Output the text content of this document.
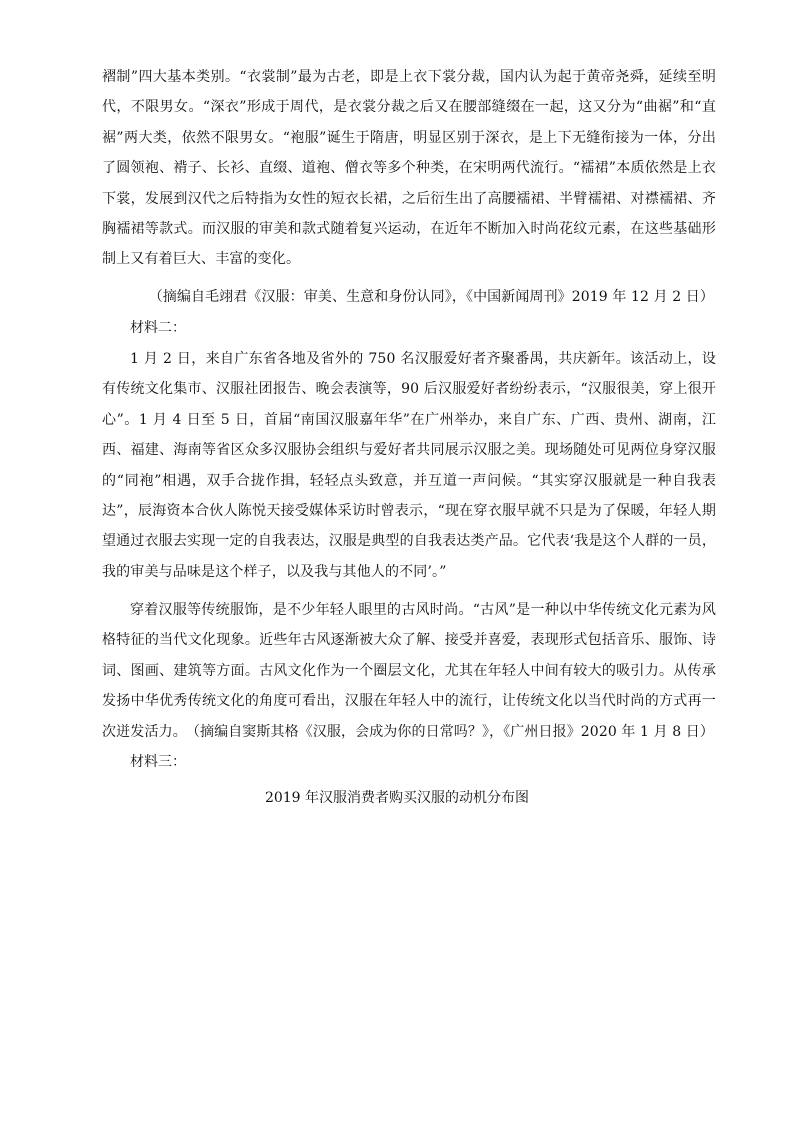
褶制”四大基本类别。“衣裳制”最为古老，即是上衣下裳分裁，国内认为起于黄帝尧舜，延续至明代，不限男女。“深衣”形成于周代，是衣裳分裁之后又在腰部缝缀在一起，这又分为“曲裾”和“直裾”两大类，依然不限男女。“袍服”诞生于隋唐，明显区别于深衣，是上下无缝衔接为一体，分出了圆领袍、褙子、长衫、直缀、道袍、僧衣等多个种类，在宋明两代流行。“襦裙”本质依然是上衣下裳，发展到汉代之后特指为女性的短衣长裙，之后衍生出了高腰襦裙、半臂襦裙、对襟襦裙、齐胸襦裙等款式。而汉服的审美和款式随着复兴运动，在近年不断加入时尚花纹元素，在这些基础形制上又有着巨大、丰富的变化。
（摘编自毛翊君《汉服：审美、生意和身份认同》，《中国新闻周刊》2019 年 12 月 2 日）
材料二：
1 月 2 日，来自广东省各地及省外的 750 名汉服爱好者齐聚番禺，共庆新年。该活动上，设有传统文化集市、汉服社团报告、晚会表演等，90 后汉服爱好者纷纷表示，“汉服很美，穿上很开心”。1 月 4 日至 5 日，首届“南国汉服嘉年华”在广州举办，来自广东、广西、贵州、湖南，江西、福建、海南等省区众多汉服协会组织与爱好者共同展示汉服之美。现场随处可见两位身穿汉服的“同袍”相遇，双手合拢作揖，轻轻点头致意，并互道一声问候。“其实穿汉服就是一种自我表达”，辰海资本合伙人陈悦天接受媒体采访时曾表示，“现在穿衣服早就不只是为了保暖，年轻人期望通过衣服去实现一定的自我表达，汉服是典型的自我表达类产品。它代表‘我是这个人群的一员，我的审美与品味是这个样子，以及我与其他人的不同’。”
穿着汉服等传统服饰，是不少年轻人眼里的古风时尚。“古风”是一种以中华传统文化元素为风格特征的当代文化现象。近些年古风逐渐被大众了解、接受并喜爱，表现形式包括音乐、服饰、诗词、图画、建筑等方面。古风文化作为一个圈层文化，尤其在年轻人中间有较大的吸引力。从传承发扬中华优秀传统文化的角度可看出，汉服在年轻人中的流行，让传统文化以当代时尚的方式再一次迸发活力。 （摘编自窦斯其格《汉服，会成为你的日常吗？》，《广州日报》2020 年 1 月 8 日）
材料三：
2019 年汉服消费者购买汉服的动机分布图
